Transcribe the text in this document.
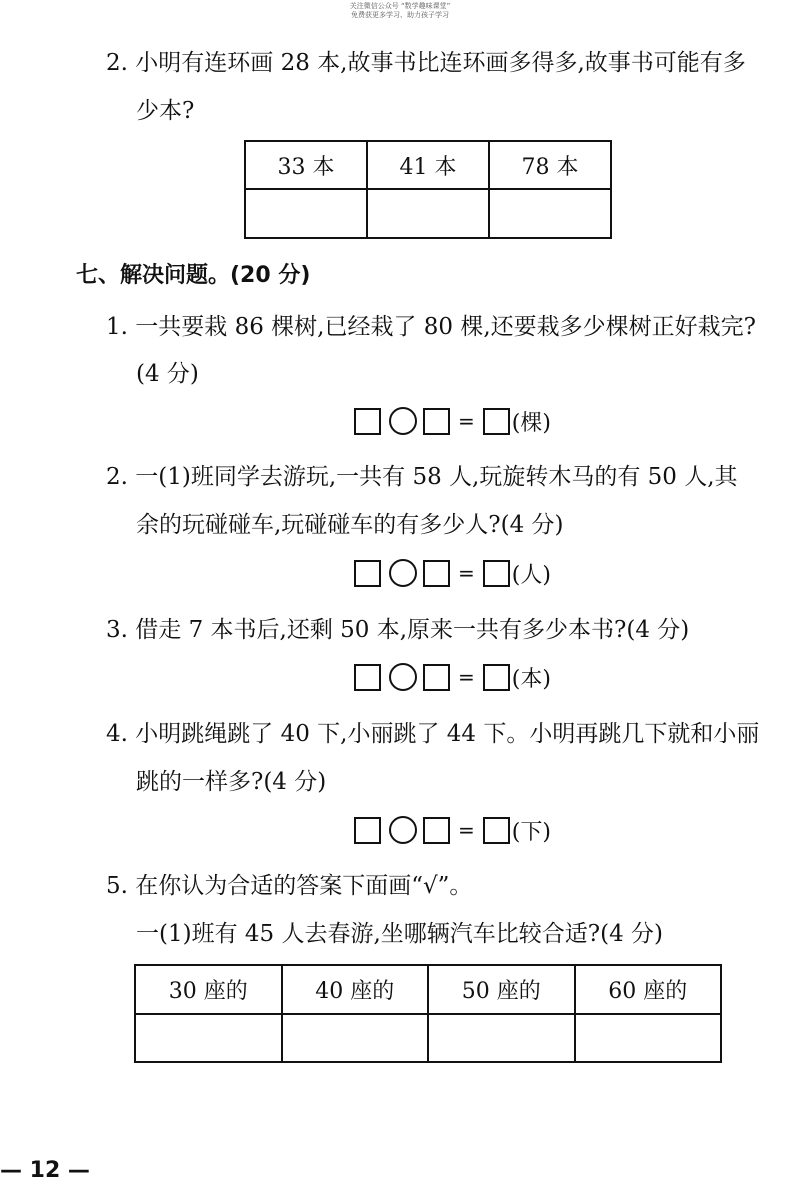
关注微信公众号 “数学趣味课堂”
免费获更多学习、助力孩子学习
2. 小明有连环画 28 本,故事书比连环画多得多,故事书可能有多
少本?
33 本	41 本	78 本

七、解决问题。(20 分)
1. 一共要栽 86 棵树,已经栽了 80 棵,还要栽多少棵树正好栽完?
(4 分)
= (棵)
2. 一(1)班同学去游玩,一共有 58 人,玩旋转木马的有 50 人,其
余的玩碰碰车,玩碰碰车的有多少人?(4 分)
= (人)
3. 借走 7 本书后,还剩 50 本,原来一共有多少本书?(4 分)
= (本)
4. 小明跳绳跳了 40 下,小丽跳了 44 下。小明再跳几下就和小丽
跳的一样多?(4 分)
= (下)
5. 在你认为合适的答案下面画“√”。
一(1)班有 45 人去春游,坐哪辆汽车比较合适?(4 分)
30 座的	40 座的	50 座的	60 座的

— 12 —
